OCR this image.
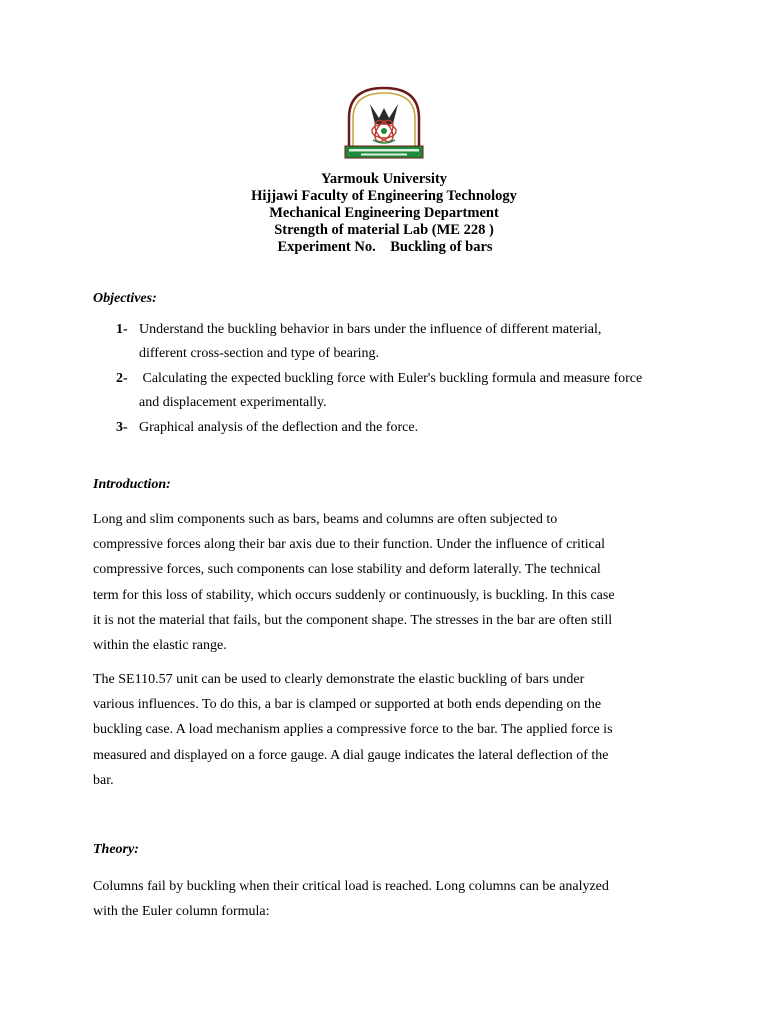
Yarmouk University
Hijjawi Faculty of Engineering Technology
Mechanical Engineering Department
Strength of material Lab (ME 228 )
Experiment No.    Buckling of bars
Objectives:
1- Understand the buckling behavior in bars under the influence of different material,
different cross-section and type of bearing.
2- Calculating the expected buckling force with Euler's buckling formula and measure force
and displacement experimentally.
3- Graphical analysis of the deflection and the force.
Introduction:
Long and slim components such as bars, beams and columns are often subjected to
compressive forces along their bar axis due to their function. Under the influence of critical
compressive forces, such components can lose stability and deform laterally. The technical
term for this loss of stability, which occurs suddenly or continuously, is buckling. In this case
it is not the material that fails, but the component shape. The stresses in the bar are often still
within the elastic range.
The SE110.57 unit can be used to clearly demonstrate the elastic buckling of bars under
various influences. To do this, a bar is clamped or supported at both ends depending on the
buckling case. A load mechanism applies a compressive force to the bar. The applied force is
measured and displayed on a force gauge. A dial gauge indicates the lateral deflection of the
bar.
Theory:
Columns fail by buckling when their critical load is reached. Long columns can be analyzed
with the Euler column formula:
